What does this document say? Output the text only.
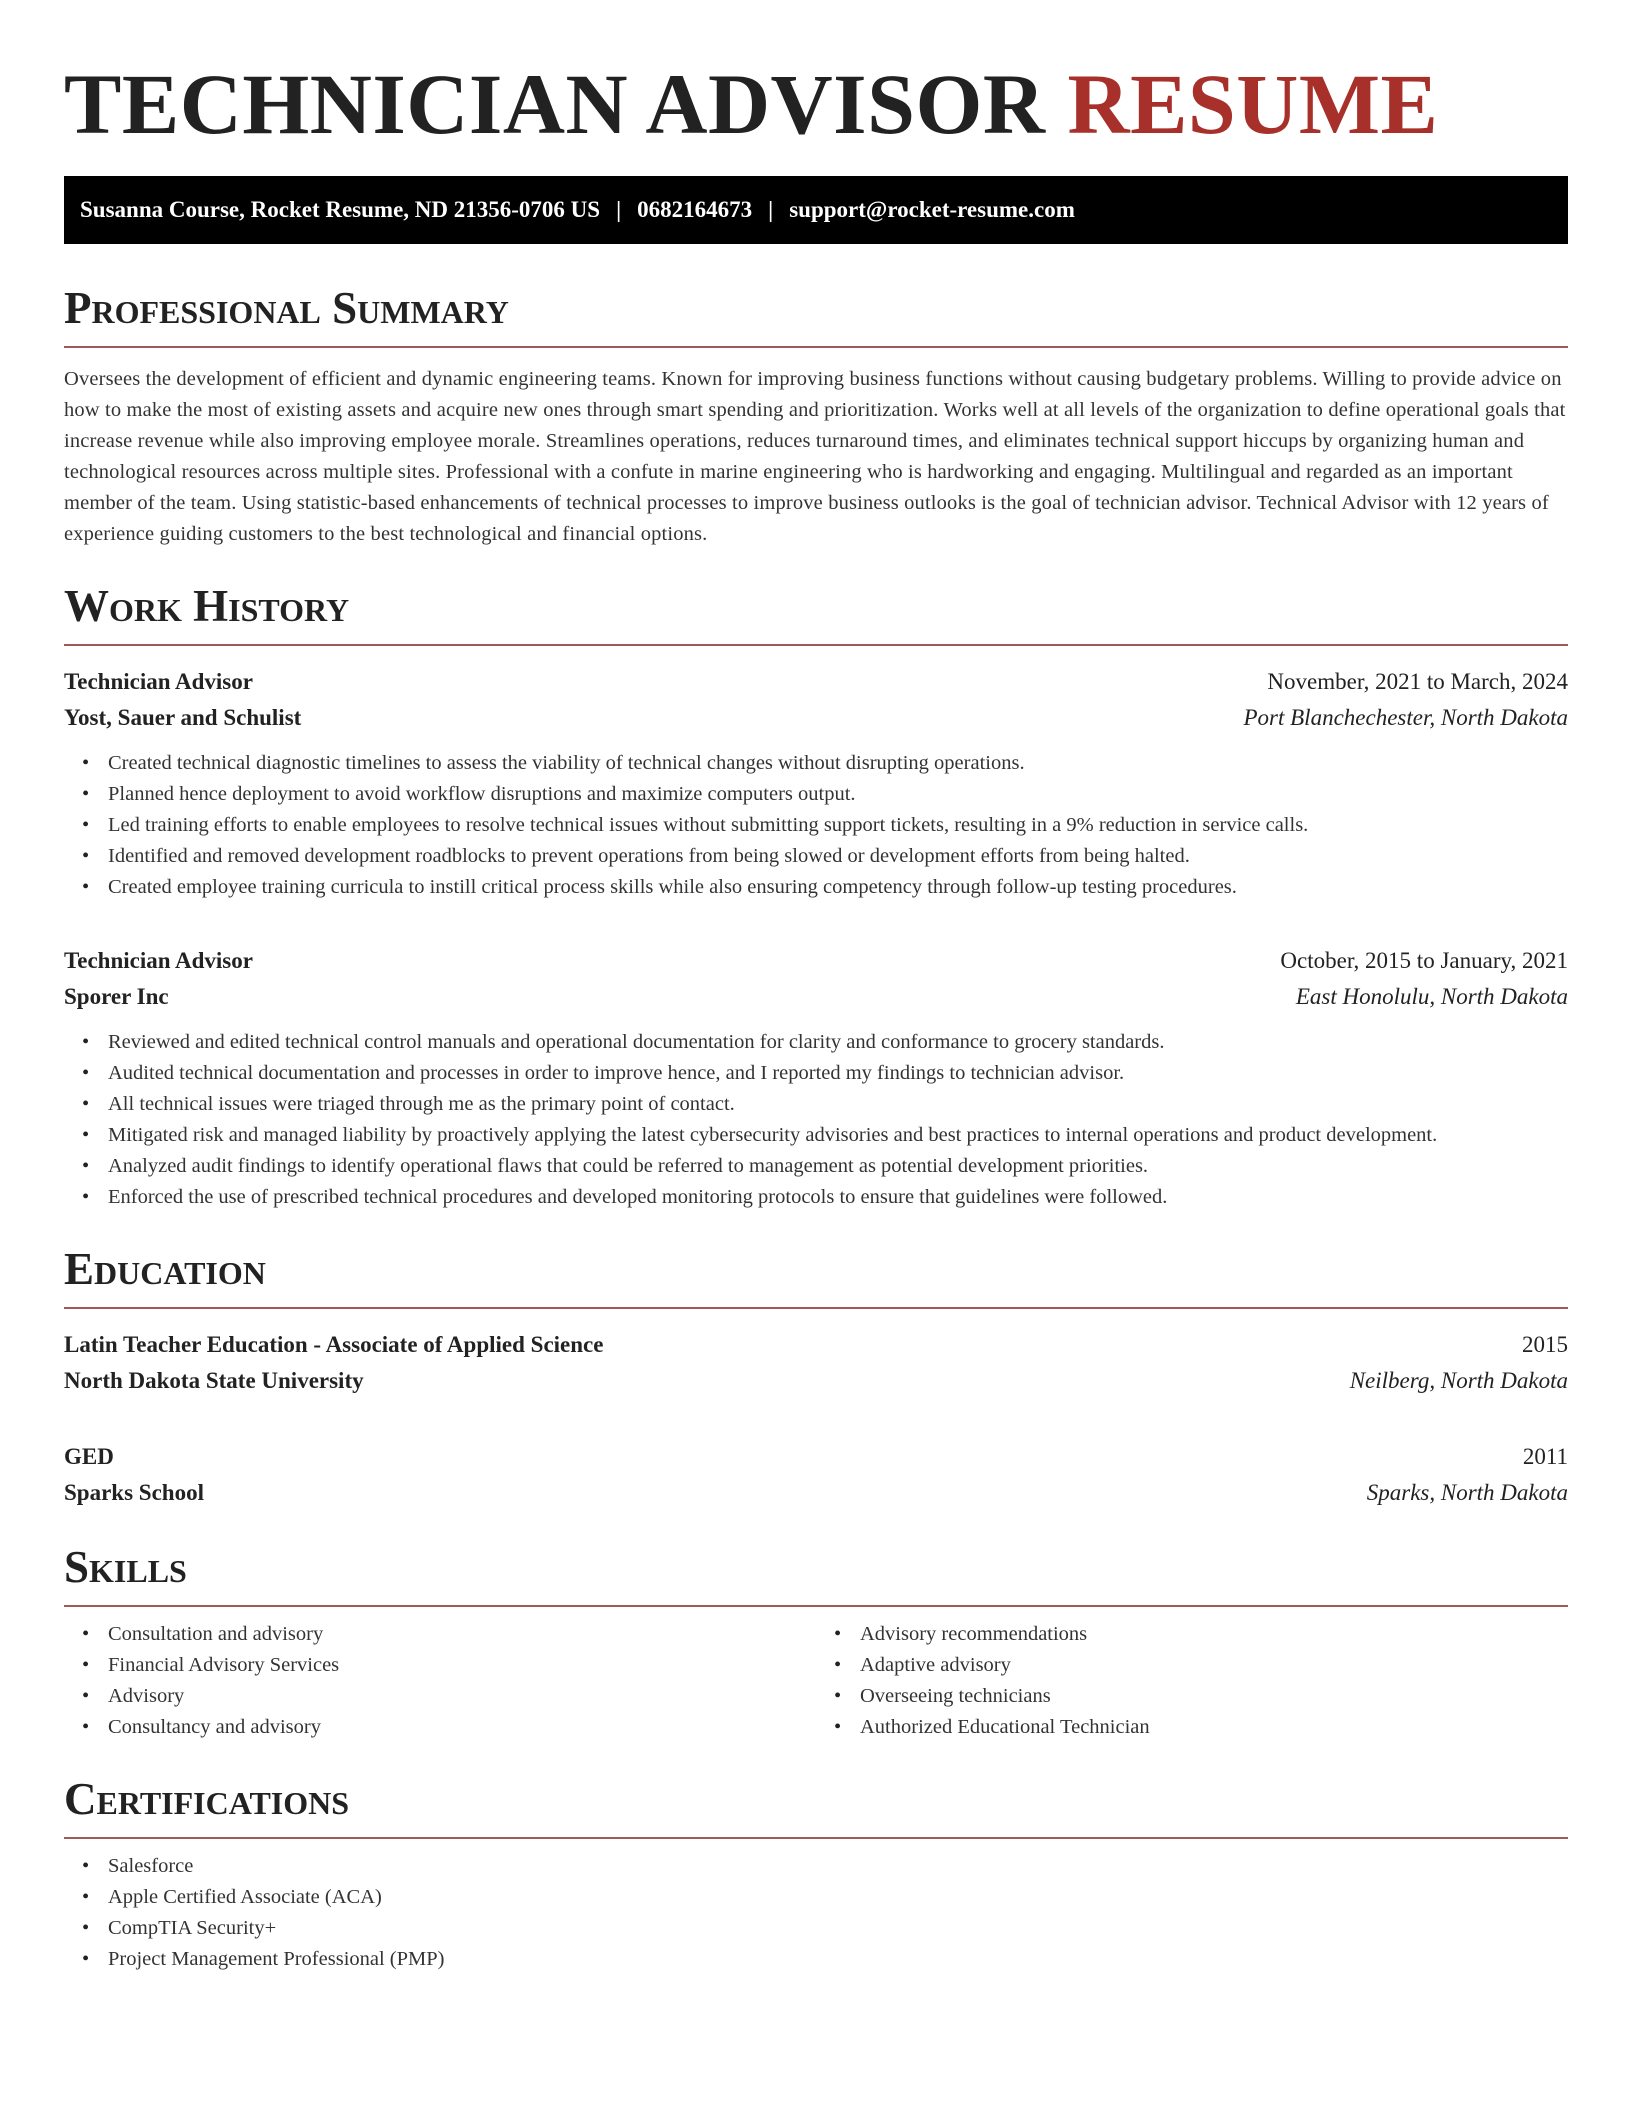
TECHNICIAN ADVISOR RESUME
Susanna Course, Rocket Resume, ND 21356-0706 US | 0682164673 | support@rocket-resume.com
Professional Summary

Oversees the development of efficient and dynamic engineering teams. Known for improving business functions without causing budgetary problems. Willing to provide advice on how to make the most of existing assets and acquire new ones through smart spending and prioritization. Works well at all levels of the organization to define operational goals that increase revenue while also improving employee morale. Streamlines operations, reduces turnaround times, and eliminates technical support hiccups by organizing human and technological resources across multiple sites. Professional with a confute in marine engineering who is hardworking and engaging. Multilingual and regarded as an important member of the team. Using statistic-based enhancements of technical processes to improve business outlooks is the goal of technician advisor. Technical Advisor with 12 years of experience guiding customers to the best technological and financial options.

Work History
Technician Advisor	November, 2021 to March, 2024
Yost, Sauer and Schulist	Port Blanchechester, North Dakota
• Created technical diagnostic timelines to assess the viability of technical changes without disrupting operations.
• Planned hence deployment to avoid workflow disruptions and maximize computers output.
• Led training efforts to enable employees to resolve technical issues without submitting support tickets, resulting in a 9% reduction in service calls.
• Identified and removed development roadblocks to prevent operations from being slowed or development efforts from being halted.
• Created employee training curricula to instill critical process skills while also ensuring competency through follow-up testing procedures.
Technician Advisor	October, 2015 to January, 2021
Sporer Inc	East Honolulu, North Dakota
• Reviewed and edited technical control manuals and operational documentation for clarity and conformance to grocery standards.
• Audited technical documentation and processes in order to improve hence, and I reported my findings to technician advisor.
• All technical issues were triaged through me as the primary point of contact.
• Mitigated risk and managed liability by proactively applying the latest cybersecurity advisories and best practices to internal operations and product development.
• Analyzed audit findings to identify operational flaws that could be referred to management as potential development priorities.
• Enforced the use of prescribed technical procedures and developed monitoring protocols to ensure that guidelines were followed.
Education
Latin Teacher Education - Associate of Applied Science	2015
North Dakota State University	Neilberg, North Dakota
GED	2011
Sparks School	Sparks, North Dakota
Skills
• Consultation and advisory
• Financial Advisory Services
• Advisory
• Consultancy and advisory
• Advisory recommendations
• Adaptive advisory
• Overseeing technicians
• Authorized Educational Technician
Certifications
• Salesforce
• Apple Certified Associate (ACA)
• CompTIA Security+
• Project Management Professional (PMP)
